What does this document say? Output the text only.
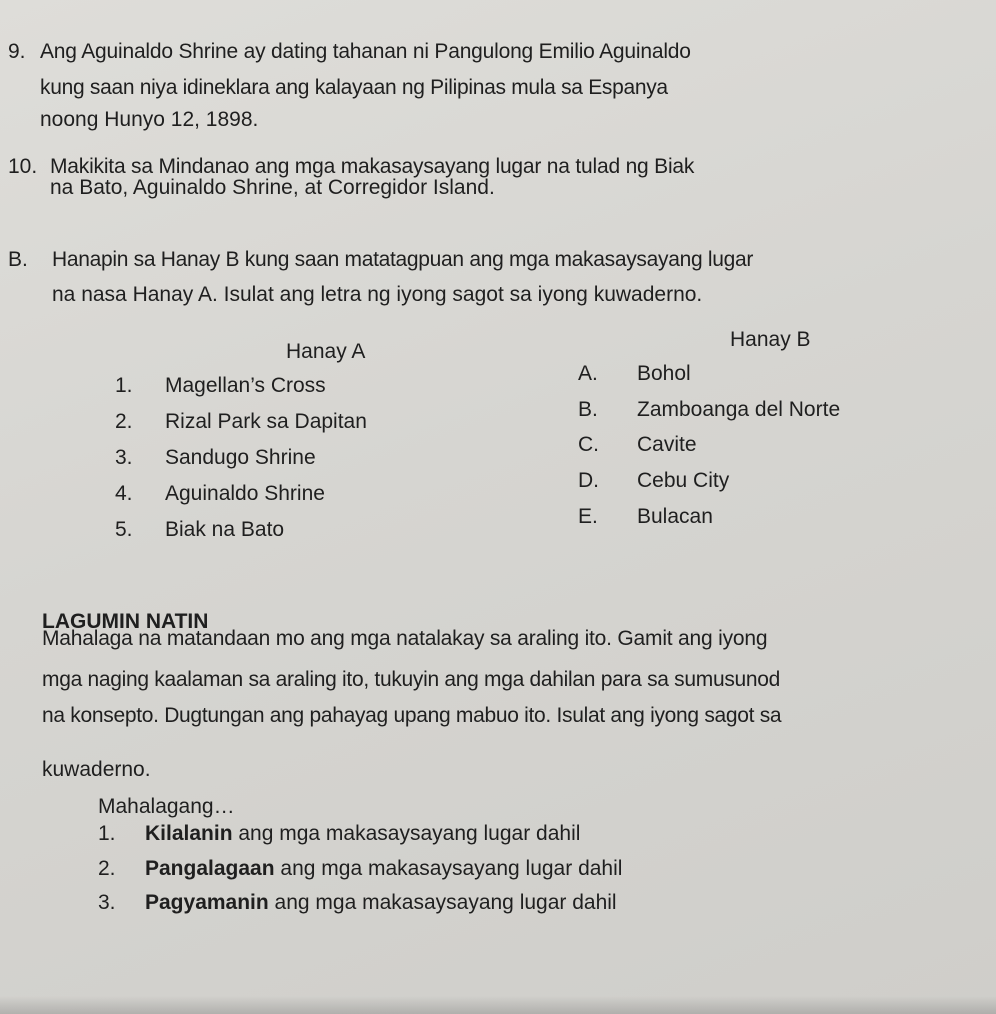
9. Ang Aguinaldo Shrine ay dating tahanan ni Pangulong Emilio Aguinaldo
kung saan niya idineklara ang kalayaan ng Pilipinas mula sa Espanya
noong Hunyo 12, 1898.
10. Makikita sa Mindanao ang mga makasaysayang lugar na tulad ng Biak
na Bato, Aguinaldo Shrine, at Corregidor Island.
B. Hanapin sa Hanay B kung saan matatagpuan ang mga makasaysayang lugar
na nasa Hanay A. Isulat ang letra ng iyong sagot sa iyong kuwaderno.
Hanay A
Hanay B
1. Magellan’s Cross
2. Rizal Park sa Dapitan
3. Sandugo Shrine
4. Aguinaldo Shrine
5. Biak na Bato
A. Bohol
B. Zamboanga del Norte
C. Cavite
D. Cebu City
E. Bulacan
LAGUMIN NATIN
Mahalaga na matandaan mo ang mga natalakay sa araling ito. Gamit ang iyong
mga naging kaalaman sa araling ito, tukuyin ang mga dahilan para sa sumusunod
na konsepto. Dugtungan ang pahayag upang mabuo ito. Isulat ang iyong sagot sa
kuwaderno.
Mahalagang…
1. Kilalanin ang mga makasaysayang lugar dahil
2. Pangalagaan ang mga makasaysayang lugar dahil
3. Pagyamanin ang mga makasaysayang lugar dahil
